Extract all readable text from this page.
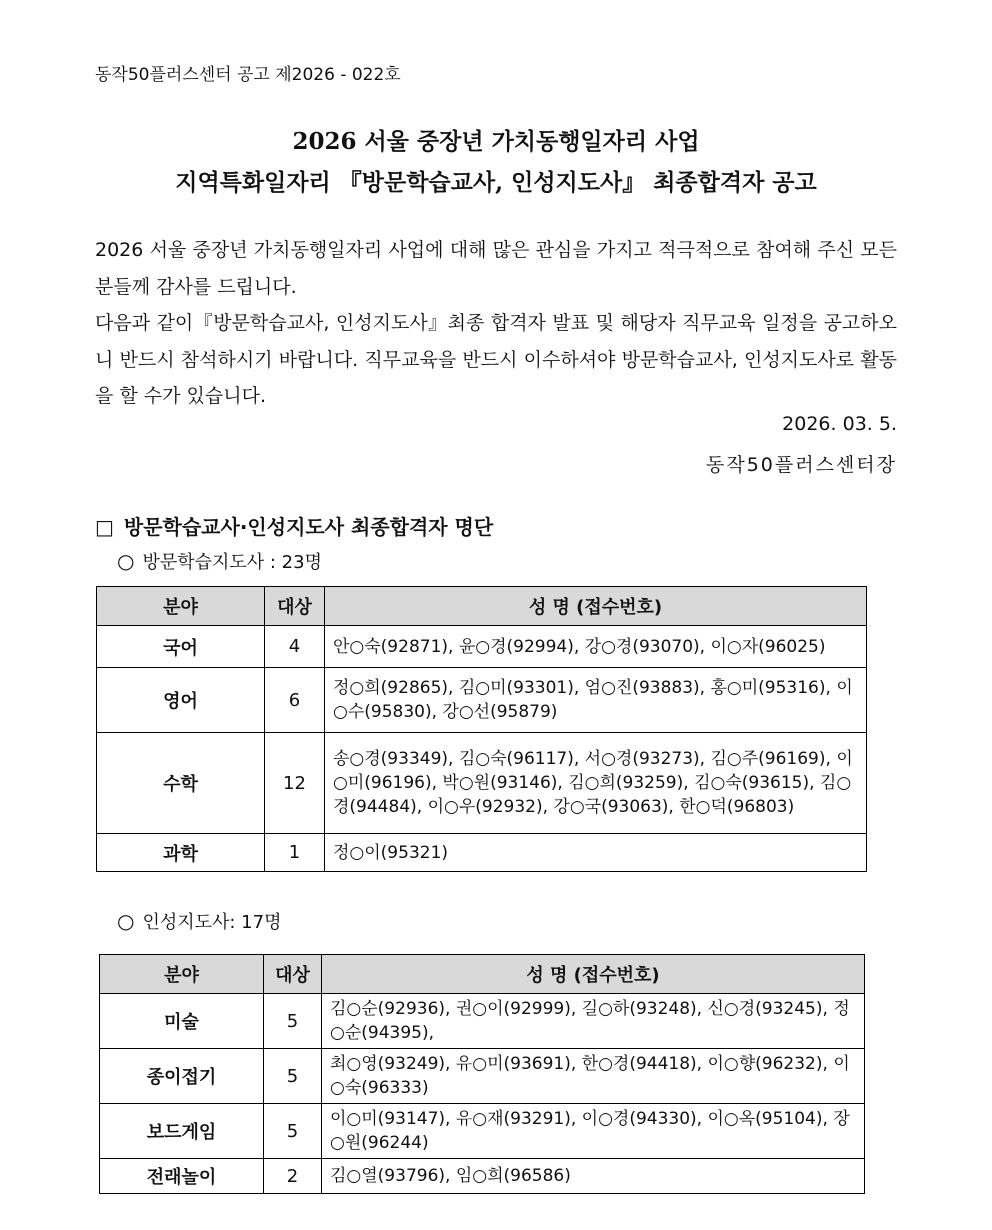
동작50플러스센터 공고 제2026 - 022호
2026 서울 중장년 가치동행일자리 사업
지역특화일자리 『방문학습교사, 인성지도사』 최종합격자 공고

2026 서울 중장년 가치동행일자리 사업에 대해 많은 관심을 가지고 적극적으로 참여해 주신 모든 분들께 감사를 드립니다.

다음과 같이『방문학습교사, 인성지도사』최종 합격자 발표 및 해당자 직무교육 일정을 공고하오니 반드시 참석하시기 바랍니다. 직무교육을 반드시 이수하셔야 방문학습교사, 인성지도사로 활동을 할 수가 있습니다.

2026. 03. 5.
동작50플러스센터장
□ 방문학습교사·인성지도사 최종합격자 명단
○ 방문학습지도사 : 23명
분야	대상	성 명 (접수번호)
국어	4	안○숙(92871), 윤○경(92994), 강○경(93070), 이○자(96025)
영어	6	정○희(92865), 김○미(93301), 엄○진(93883), 홍○미(95316), 이○수(95830), 강○선(95879)
수학	12	송○경(93349), 김○숙(96117), 서○경(93273), 김○주(96169), 이○미(96196), 박○원(93146), 김○희(93259), 김○숙(93615), 김○경(94484), 이○우(92932), 강○국(93063), 한○덕(96803)
과학	1	정○이(95321)
○ 인성지도사: 17명
분야	대상	성 명 (접수번호)
미술	5	김○순(92936), 권○이(92999), 길○하(93248), 신○경(93245), 정○순(94395),
종이접기	5	최○영(93249), 유○미(93691), 한○경(94418), 이○향(96232), 이○숙(96333)
보드게임	5	이○미(93147), 유○재(93291), 이○경(94330), 이○옥(95104), 장○원(96244)
전래놀이	2	김○열(93796), 임○희(96586)
